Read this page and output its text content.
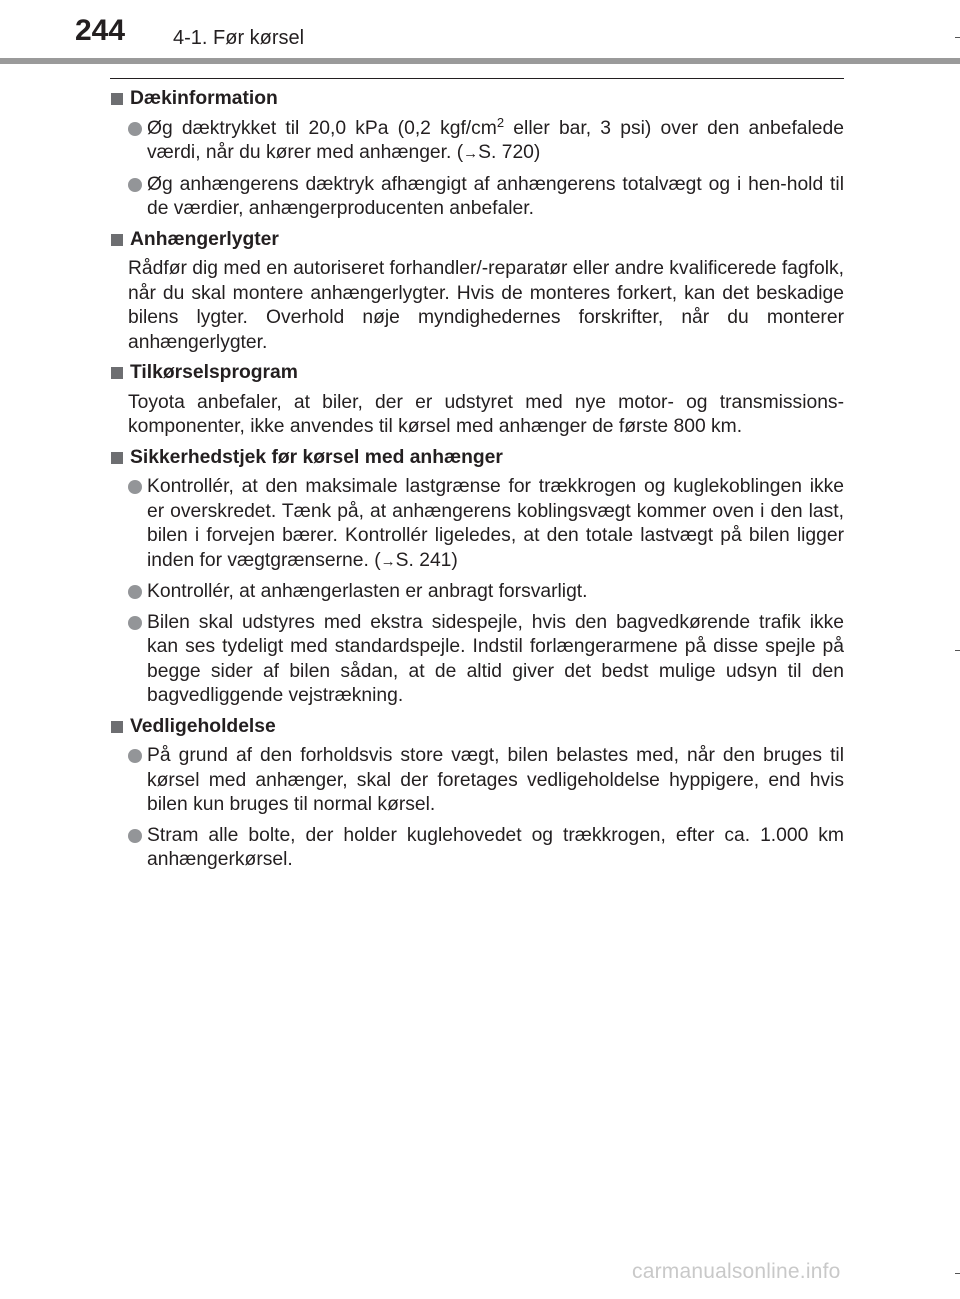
244 4-1. Før kørsel
Dækinformation
Øg dæktrykket til 20,0 kPa (0,2 kgf/$cm^2$ eller bar, 3 psi) over den anbefalede værdi, når du kører med anhænger. (→S. 720)
Øg anhængerens dæktryk afhængigt af anhængerens totalvægt og i hen-hold til de værdier, anhængerproducenten anbefaler.
Anhængerlygter
Rådfør dig med en autoriseret forhandler/-reparatør eller andre kvalificerede fagfolk, når du skal montere anhængerlygter. Hvis de monteres forkert, kan det beskadige bilens lygter. Overhold nøje myndighedernes forskrifter, når du monterer anhængerlygter.
Tilkørselsprogram
Toyota anbefaler, at biler, der er udstyret med nye motor- og transmissions-komponenter, ikke anvendes til kørsel med anhænger de første 800 km.
Sikkerhedstjek før kørsel med anhænger
Kontrollér, at den maksimale lastgrænse for trækkrogen og kuglekoblingen ikke er overskredet. Tænk på, at anhængerens koblingsvægt kommer oven i den last, bilen i forvejen bærer. Kontrollér ligeledes, at den totale lastvægt på bilen ligger inden for vægtgrænserne. (→S. 241)
Kontrollér, at anhængerlasten er anbragt forsvarligt.
Bilen skal udstyres med ekstra sidespejle, hvis den bagvedkørende trafik ikke kan ses tydeligt med standardspejle. Indstil forlængerarmene på disse spejle på begge sider af bilen sådan, at de altid giver det bedst mulige udsyn til den bagvedliggende vejstrækning.
Vedligeholdelse
På grund af den forholdsvis store vægt, bilen belastes med, når den bruges til kørsel med anhænger, skal der foretages vedligeholdelse hyppigere, end hvis bilen kun bruges til normal kørsel.
Stram alle bolte, der holder kuglehovedet og trækkrogen, efter ca. 1.000 km anhængerkørsel.
carmanualsonline.info
